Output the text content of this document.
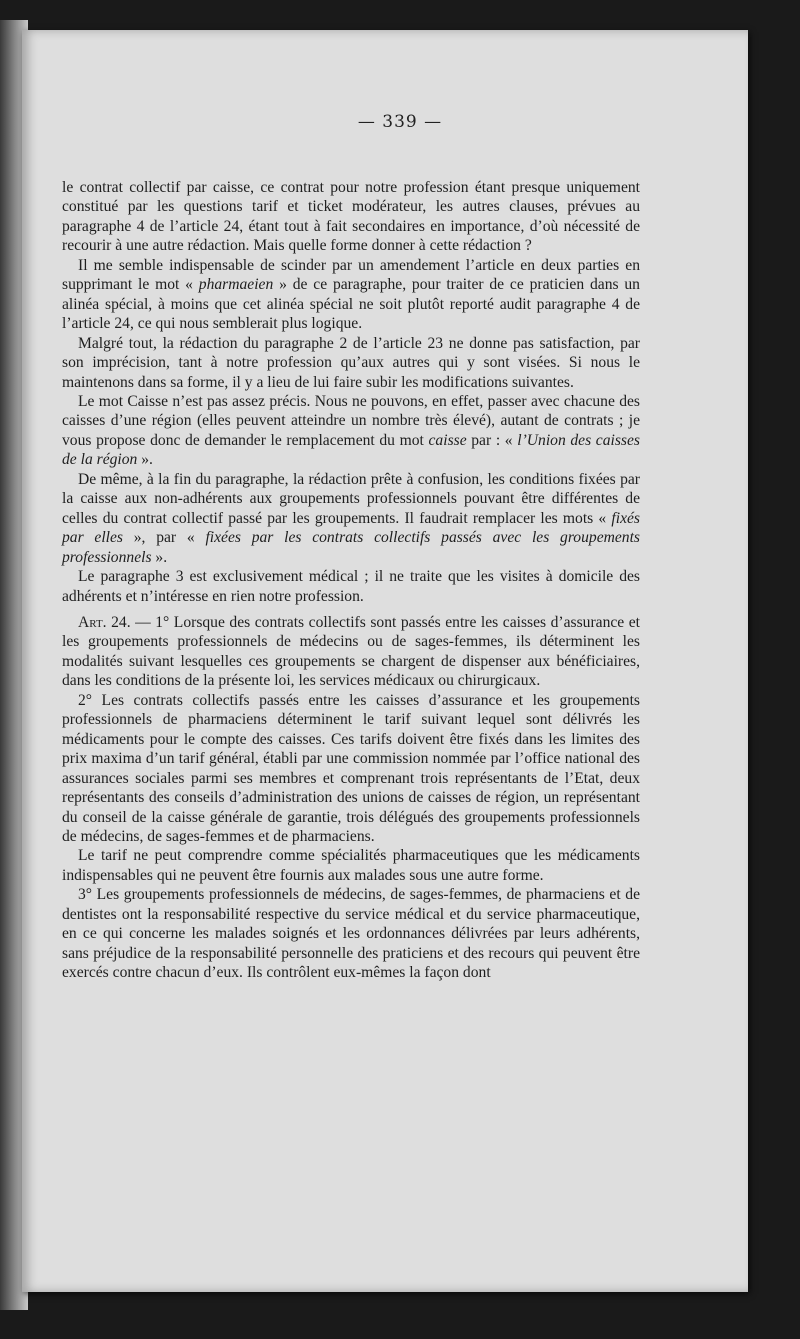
— 339 —

le contrat collectif par caisse, ce contrat pour notre profession étant presque uniquement constitué par les questions tarif et ticket modérateur, les autres clauses, prévues au paragraphe 4 de l’article 24, étant tout à fait secondaires en importance, d’où nécessité de recourir à une autre rédaction. Mais quelle forme donner à cette rédaction ?

Il me semble indispensable de scinder par un amendement l’article en deux parties en supprimant le mot « pharmaeien » de ce paragraphe, pour traiter de ce praticien dans un alinéa spécial, à moins que cet alinéa spécial ne soit plutôt reporté audit paragraphe 4 de l’article 24, ce qui nous semblerait plus logique.

Malgré tout, la rédaction du paragraphe 2 de l’article 23 ne donne pas satisfaction, par son imprécision, tant à notre profession qu’aux autres qui y sont visées. Si nous le maintenons dans sa forme, il y a lieu de lui faire subir les modifications suivantes.

Le mot Caisse n’est pas assez précis. Nous ne pouvons, en effet, passer avec chacune des caisses d’une région (elles peuvent atteindre un nombre très élevé), autant de contrats ; je vous propose donc de demander le remplacement du mot caisse par : « l’Union des caisses de la région ».

De même, à la fin du paragraphe, la rédaction prête à confusion, les conditions fixées par la caisse aux non-adhérents aux groupements professionnels pouvant être différentes de celles du contrat collectif passé par les groupements. Il faudrait remplacer les mots « fixés par elles », par « fixées par les contrats collectifs passés avec les groupements professionnels ».

Le paragraphe 3 est exclusivement médical ; il ne traite que les visites à domicile des adhérents et n’intéresse en rien notre profession.

Art. 24. — 1° Lorsque des contrats collectifs sont passés entre les caisses d’assurance et les groupements professionnels de médecins ou de sages-femmes, ils déterminent les modalités suivant lesquelles ces groupements se chargent de dispenser aux bénéficiaires, dans les conditions de la présente loi, les services médicaux ou chirurgicaux.

2° Les contrats collectifs passés entre les caisses d’assurance et les groupements professionnels de pharmaciens déterminent le tarif suivant lequel sont délivrés les médicaments pour le compte des caisses. Ces tarifs doivent être fixés dans les limites des prix maxima d’un tarif général, établi par une commission nommée par l’office national des assurances sociales parmi ses membres et comprenant trois représentants de l’Etat, deux représentants des conseils d’administration des unions de caisses de région, un représentant du conseil de la caisse générale de garantie, trois délégués des groupements professionnels de médecins, de sages-femmes et de pharmaciens.

Le tarif ne peut comprendre comme spécialités pharmaceutiques que les médicaments indispensables qui ne peuvent être fournis aux malades sous une autre forme.

3° Les groupements professionnels de médecins, de sages-femmes, de pharmaciens et de dentistes ont la responsabilité respective du service médical et du service pharmaceutique, en ce qui concerne les malades soignés et les ordonnances délivrées par leurs adhérents, sans préjudice de la responsabilité personnelle des praticiens et des recours qui peuvent être exercés contre chacun d’eux. Ils contrôlent eux-mêmes la façon dont
